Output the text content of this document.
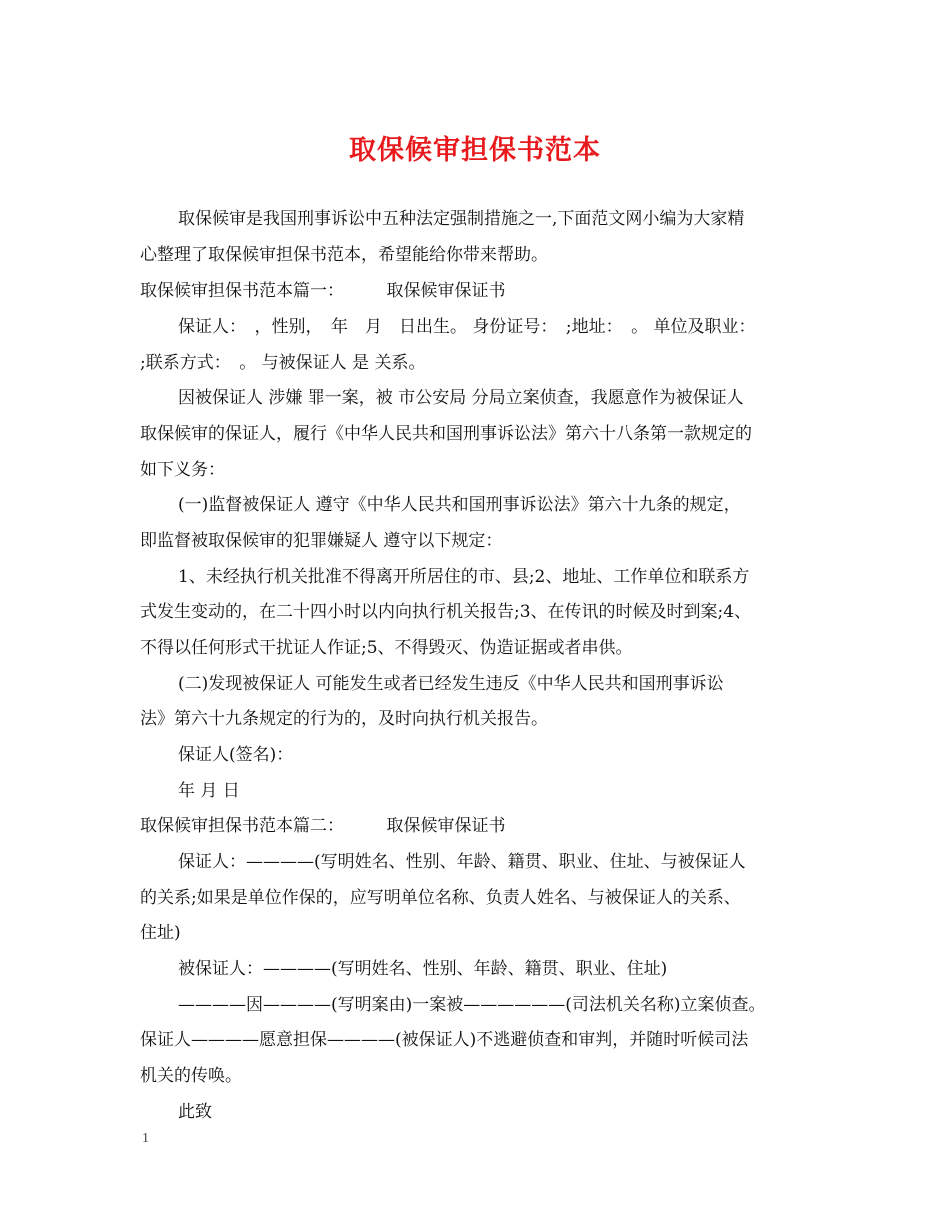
取保候审担保书范本
取保候审是我国刑事诉讼中五种法定强制措施之一,下面范文网小编为大家精
心整理了取保候审担保书范本，希望能给你带来帮助。
取保候审担保书范本篇一：　　　取保候审保证书
保证人：　，性别，　年　月　日出生。 身份证号：　;地址：　。 单位及职业：
;联系方式：　。 与被保证人 是 关系。
因被保证人 涉嫌 罪一案，被 市公安局 分局立案侦查，我愿意作为被保证人
取保候审的保证人，履行《中华人民共和国刑事诉讼法》第六十八条第一款规定的
如下义务：
(一)监督被保证人 遵守《中华人民共和国刑事诉讼法》第六十九条的规定，
即监督被取保候审的犯罪嫌疑人 遵守以下规定：
1、未经执行机关批准不得离开所居住的市、县;2、地址、工作单位和联系方
式发生变动的，在二十四小时以内向执行机关报告;3、在传讯的时候及时到案;4、
不得以任何形式干扰证人作证;5、不得毁灭、伪造证据或者串供。
(二)发现被保证人 可能发生或者已经发生违反《中华人民共和国刑事诉讼
法》第六十九条规定的行为的，及时向执行机关报告。
保证人(签名)：
年 月 日
取保候审担保书范本篇二：　　　取保候审保证书
保证人：————(写明姓名、性别、年龄、籍贯、职业、住址、与被保证人
的关系;如果是单位作保的，应写明单位名称、负责人姓名、与被保证人的关系、
住址)
被保证人：————(写明姓名、性别、年龄、籍贯、职业、住址)
————因————(写明案由)一案被——————(司法机关名称)立案侦查。
保证人————愿意担保————(被保证人)不逃避侦查和审判，并随时听候司法
机关的传唤。
此致
1
